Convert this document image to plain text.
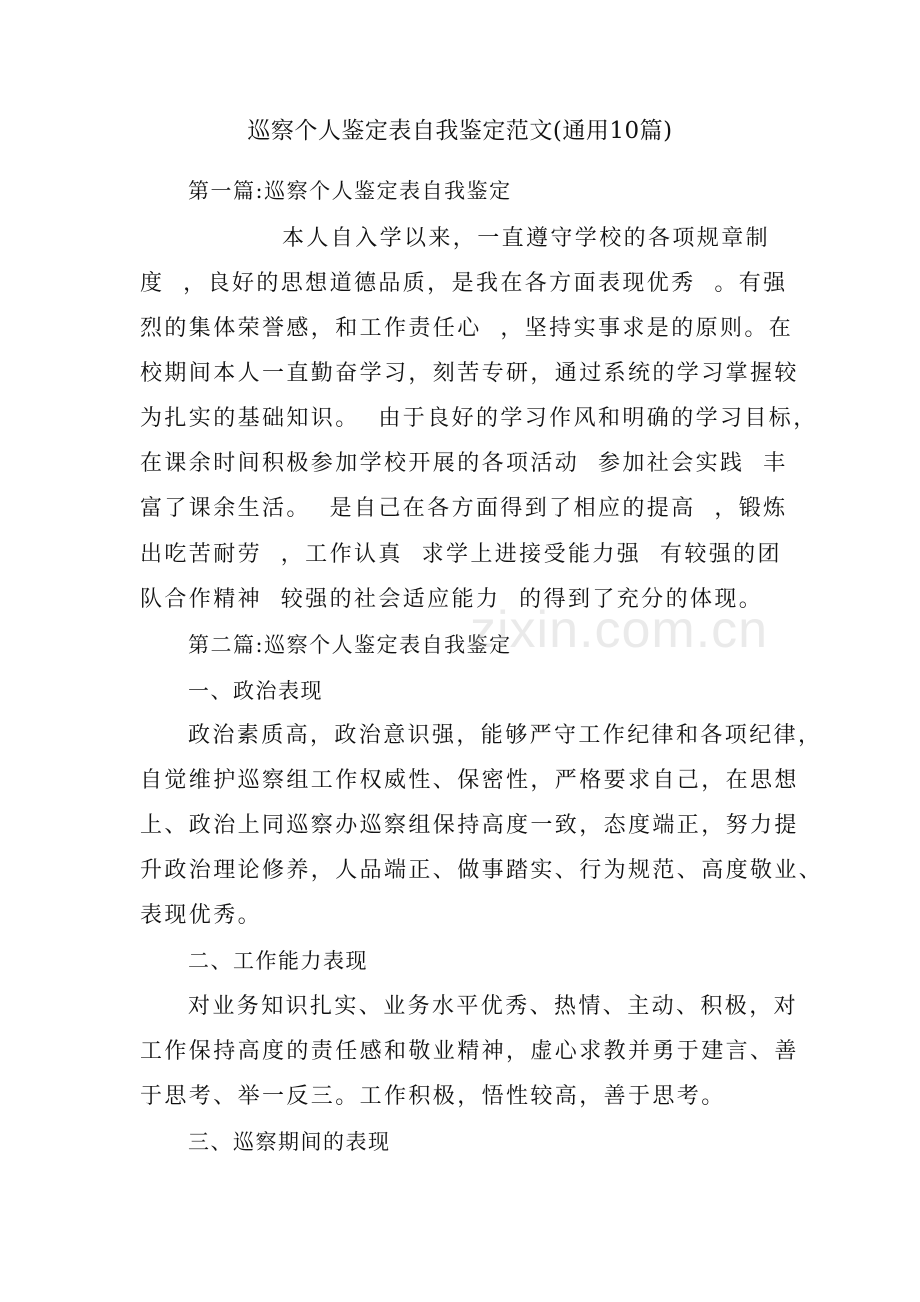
巡察个人鉴定表自我鉴定范文(通用10篇)
第一篇:巡察个人鉴定表自我鉴定
本人自入学以来，一直遵守学校的各项规章制
度  ，良好的思想道德品质，是我在各方面表现优秀  。有强
烈的集体荣誉感，和工作责任心  ，坚持实事求是的原则。在
校期间本人一直勤奋学习，刻苦专研，通过系统的学习掌握较
为扎实的基础知识。  由于良好的学习作风和明确的学习目标，
在课余时间积极参加学校开展的各项活动  参加社会实践  丰
富了课余生活。  是自己在各方面得到了相应的提高  ，锻炼
出吃苦耐劳  ，工作认真  求学上进接受能力强  有较强的团
队合作精神  较强的社会适应能力  的得到了充分的体现。
第二篇:巡察个人鉴定表自我鉴定
一、政治表现
政治素质高，政治意识强，能够严守工作纪律和各项纪律，
自觉维护巡察组工作权威性、保密性，严格要求自己，在思想
上、政治上同巡察办巡察组保持高度一致，态度端正，努力提
升政治理论修养，人品端正、做事踏实、行为规范、高度敬业、
表现优秀。
二、工作能力表现
对业务知识扎实、业务水平优秀、热情、主动、积极，对
工作保持高度的责任感和敬业精神，虚心求教并勇于建言、善
于思考、举一反三。工作积极，悟性较高，善于思考。
三、巡察期间的表现
zixin.com.cn
